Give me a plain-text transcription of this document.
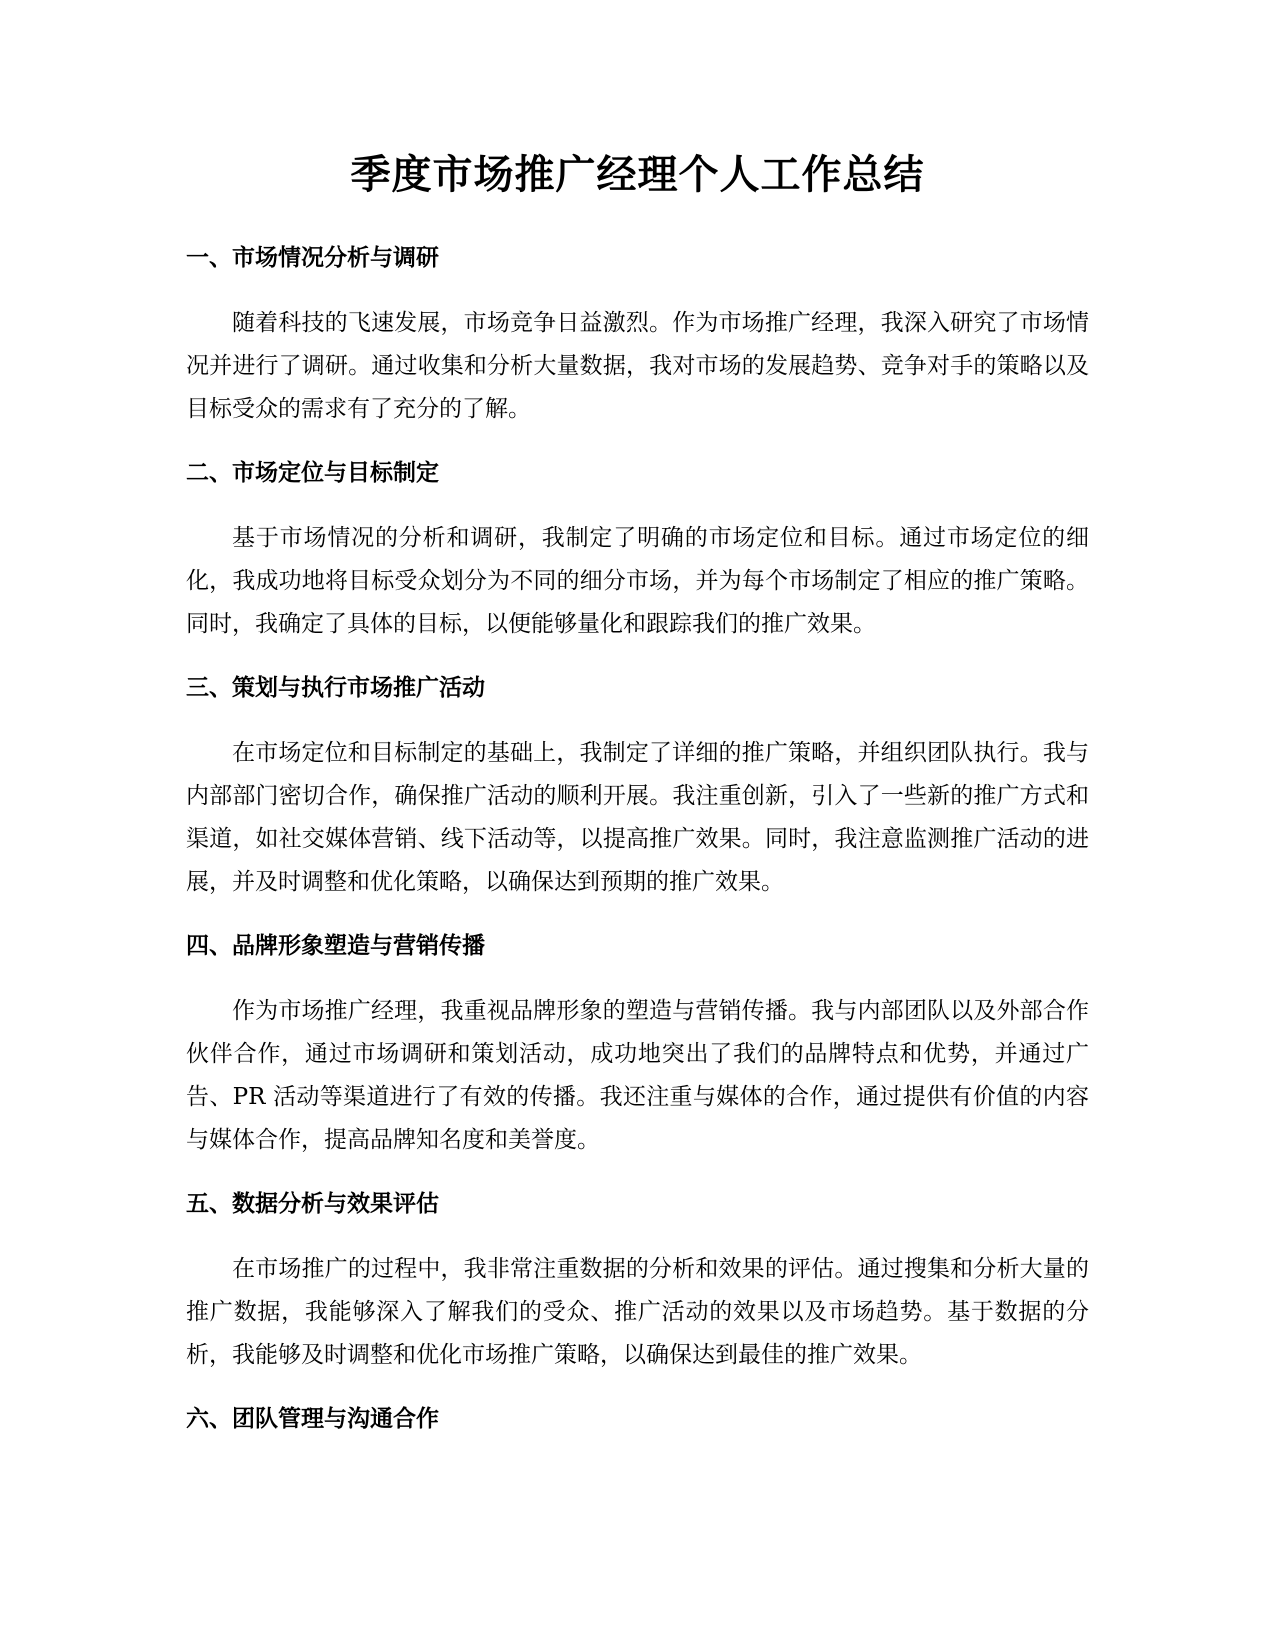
季度市场推广经理个人工作总结
一、市场情况分析与调研

随着科技的飞速发展，市场竞争日益激烈。作为市场推广经理，我深入研究了市场情况并进行了调研。通过收集和分析大量数据，我对市场的发展趋势、竞争对手的策略以及目标受众的需求有了充分的了解。

二、市场定位与目标制定

基于市场情况的分析和调研，我制定了明确的市场定位和目标。通过市场定位的细化，我成功地将目标受众划分为不同的细分市场，并为每个市场制定了相应的推广策略。同时，我确定了具体的目标，以便能够量化和跟踪我们的推广效果。

三、策划与执行市场推广活动

在市场定位和目标制定的基础上，我制定了详细的推广策略，并组织团队执行。我与内部部门密切合作，确保推广活动的顺利开展。我注重创新，引入了一些新的推广方式和渠道，如社交媒体营销、线下活动等，以提高推广效果。同时，我注意监测推广活动的进展，并及时调整和优化策略，以确保达到预期的推广效果。

四、品牌形象塑造与营销传播

作为市场推广经理，我重视品牌形象的塑造与营销传播。我与内部团队以及外部合作伙伴合作，通过市场调研和策划活动，成功地突出了我们的品牌特点和优势，并通过广告、PR 活动等渠道进行了有效的传播。我还注重与媒体的合作，通过提供有价值的内容与媒体合作，提高品牌知名度和美誉度。

五、数据分析与效果评估

在市场推广的过程中，我非常注重数据的分析和效果的评估。通过搜集和分析大量的推广数据，我能够深入了解我们的受众、推广活动的效果以及市场趋势。基于数据的分析，我能够及时调整和优化市场推广策略，以确保达到最佳的推广效果。

六、团队管理与沟通合作
